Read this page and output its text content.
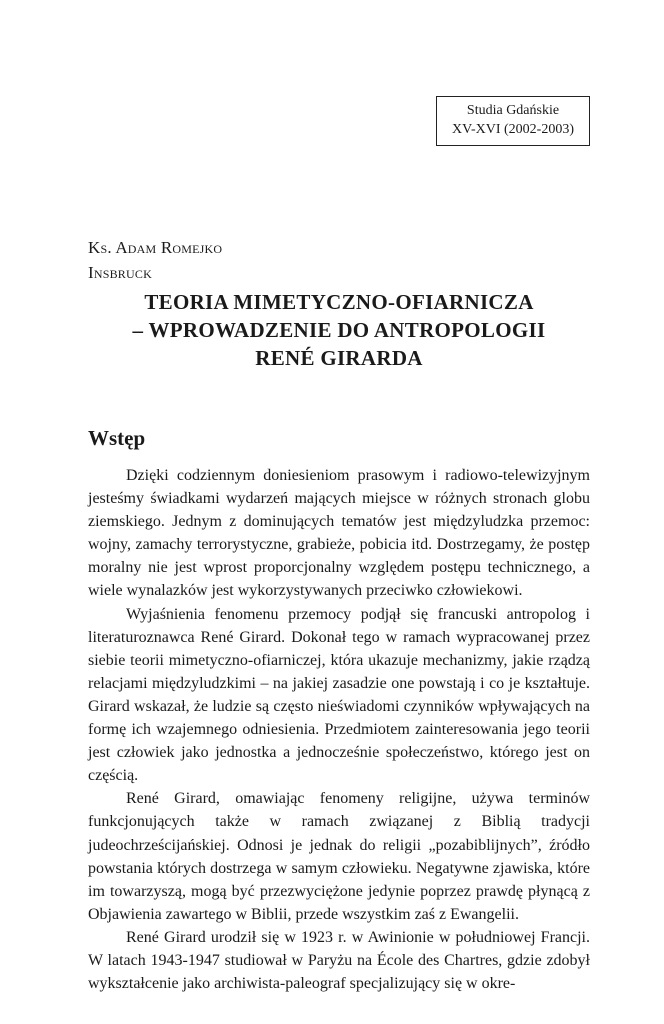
Studia Gdańskie
XV-XVI (2002-2003)
Ks. Adam Romejko
Insbruck
TEORIA MIMETYCZNO-OFIARNICZA
– WPROWADZENIE DO ANTROPOLOGII
RENÉ GIRARDA
Wstęp

Dzięki codziennym doniesieniom prasowym i radiowo-telewizyjnym jesteśmy świadkami wydarzeń mających miejsce w różnych stronach globu ziemskiego. Jednym z dominujących tematów jest międzyludzka przemoc: wojny, zamachy terrorystyczne, grabieże, pobicia itd. Dostrzegamy, że postęp moralny nie jest wprost proporcjonalny względem postępu technicznego, a wiele wynalazków jest wykorzystywanych przeciwko człowiekowi.

Wyjaśnienia fenomenu przemocy podjął się francuski antropolog i literaturoznawca René Girard. Dokonał tego w ramach wypracowanej przez siebie teorii mimetyczno-ofiarniczej, która ukazuje mechanizmy, jakie rządzą relacjami międzyludzkimi – na jakiej zasadzie one powstają i co je kształtuje. Girard wskazał, że ludzie są często nieświadomi czynników wpływających na formę ich wzajemnego odniesienia. Przedmiotem zainteresowania jego teorii jest człowiek jako jednostka a jednocześnie społeczeństwo, którego jest on częścią.

René Girard, omawiając fenomeny religijne, używa terminów funkcjonujących także w ramach związanej z Biblią tradycji judeochrześcijańskiej. Odnosi je jednak do religii „pozabiblijnych”, źródło powstania których dostrzega w samym człowieku. Negatywne zjawiska, które im towarzyszą, mogą być przezwyciężone jedynie poprzez prawdę płynącą z Objawienia zawartego w Biblii, przede wszystkim zaś z Ewangelii.

René Girard urodził się w 1923 r. w Awinionie w południowej Francji. W latach 1943-1947 studiował w Paryżu na École des Chartres, gdzie zdobył wykształcenie jako archiwista-paleograf specjalizujący się w okre-
